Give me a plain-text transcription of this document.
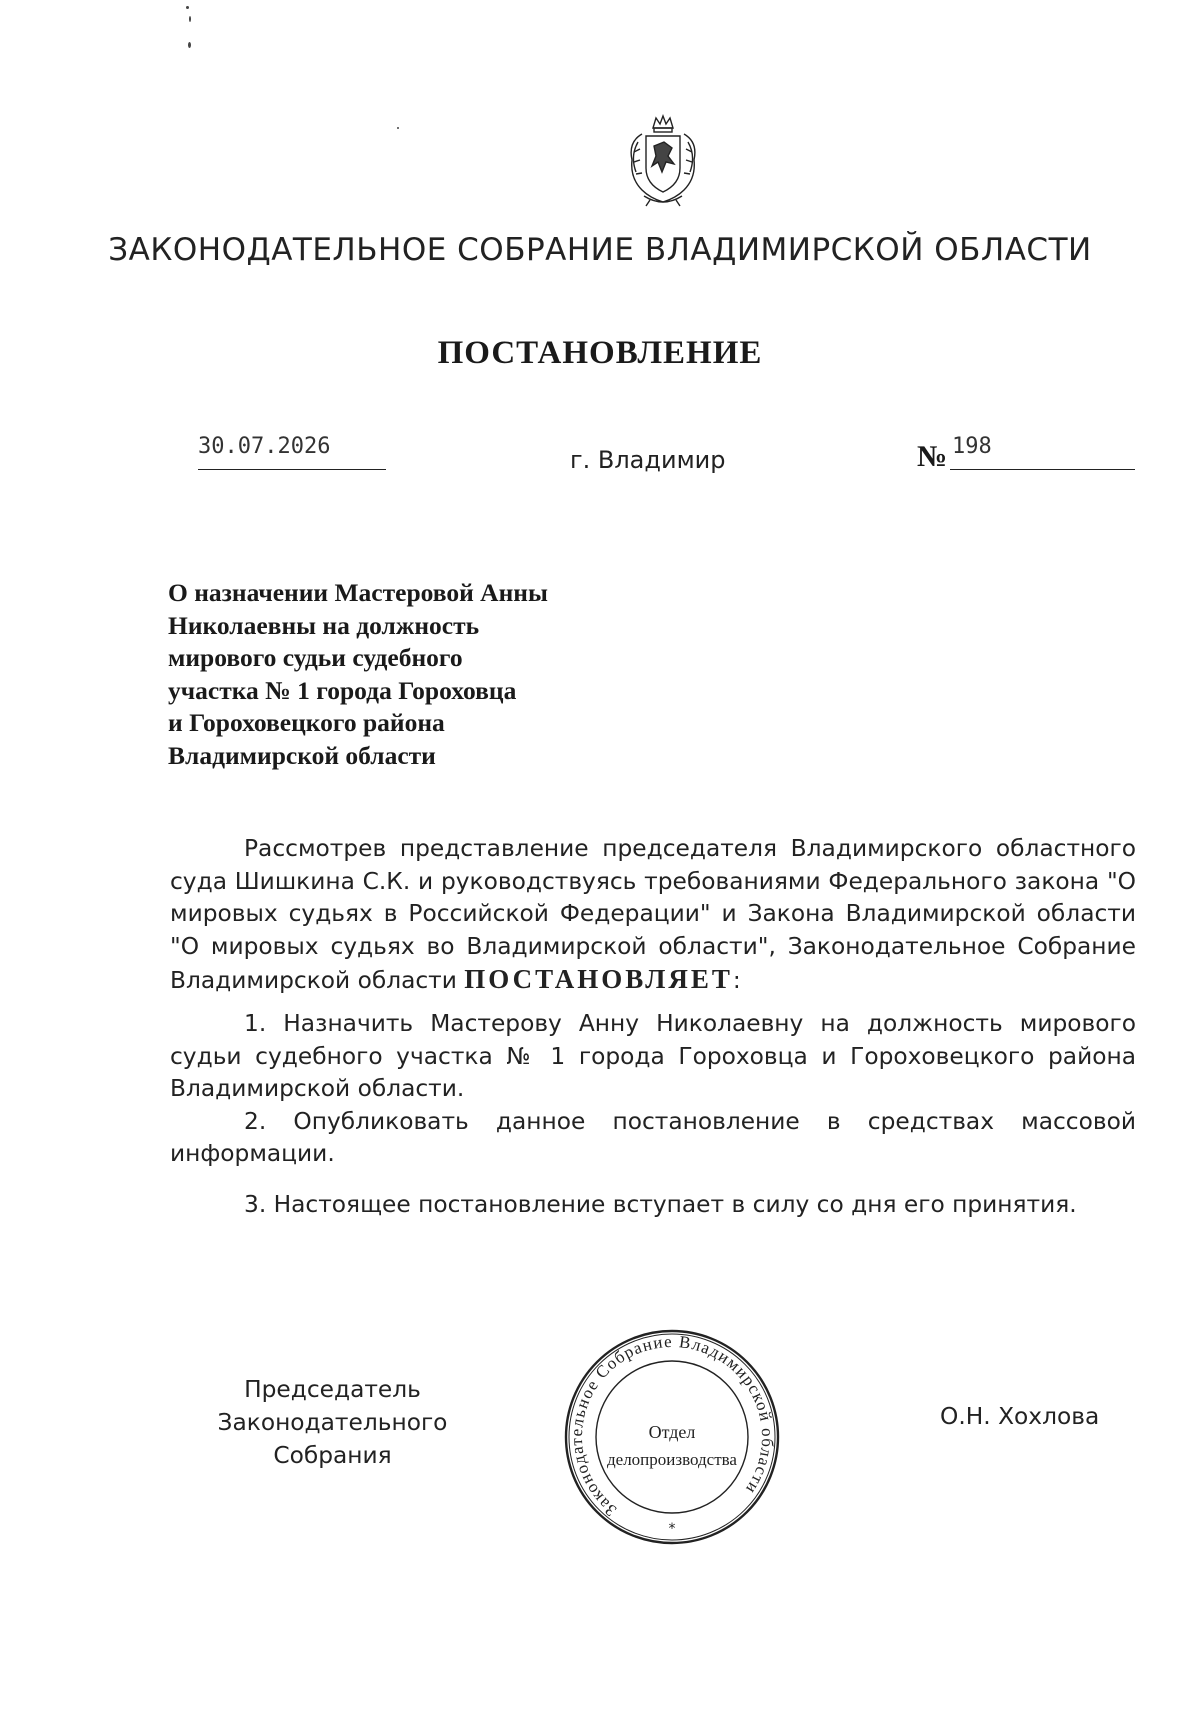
ЗАКОНОДАТЕЛЬНОЕ СОБРАНИЕ ВЛАДИМИРСКОЙ ОБЛАСТИ
ПОСТАНОВЛЕНИЕ
30.07.2026	г. Владимир	№ 198
О назначении Мастеровой Анны
Николаевны на должность
мирового судьи судебного
участка № 1 города Гороховца
и Гороховецкого района
Владимирской области

Рассмотрев представление председателя Владимирского областного суда Шишкина С.К. и руководствуясь требованиями Федерального закона "О мировых судьях в Российской Федерации" и Закона Владимирской области "О мировых судьях во Владимирской области", Законодательное Собрание Владимирской области ПОСТАНОВЛЯЕТ:

1. Назначить Мастерову Анну Николаевну на должность мирового судьи судебного участка № 1 города Гороховца и Гороховецкого района Владимирской области.

2. Опубликовать данное постановление в средствах массовой информации.

3. Настоящее постановление вступает в силу со дня его принятия.

Председатель
Законодательного Собрания
О.Н. Хохлова
Законодательное Собрание Владимирской области
Отдел
делопроизводства
*
